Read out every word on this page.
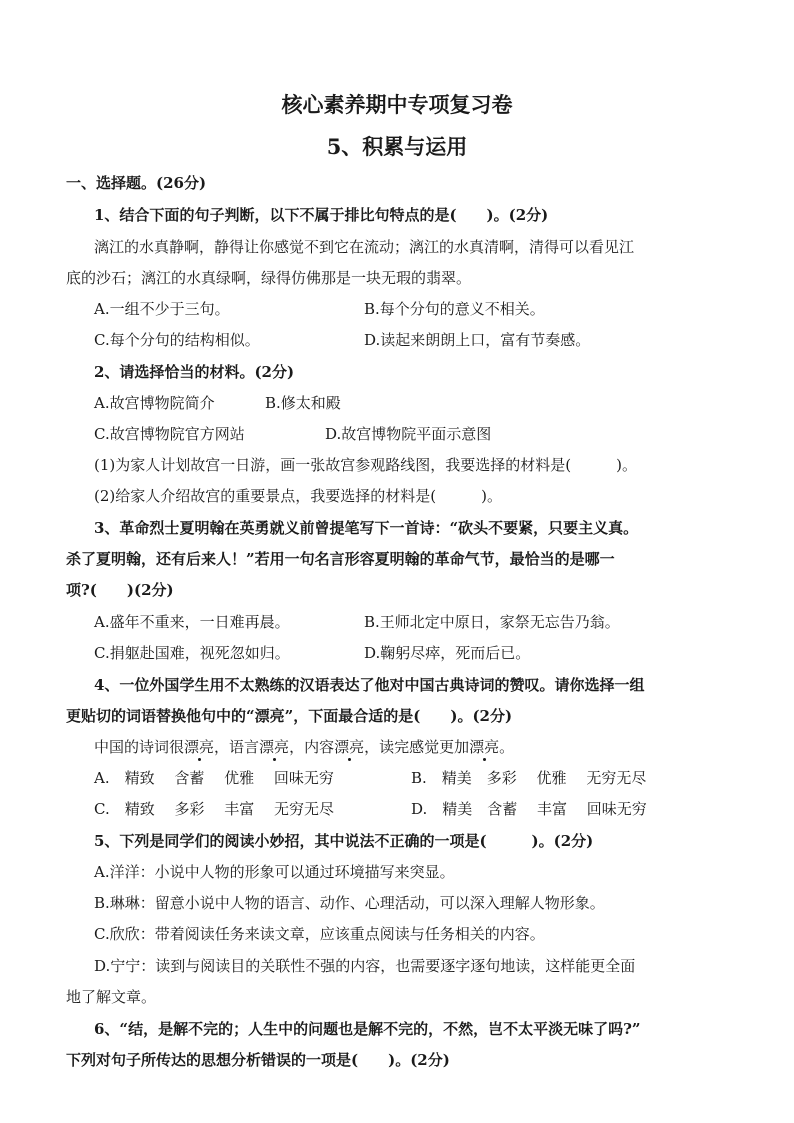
核心素养期中专项复习卷
5、积累与运用
一、选择题。(26分)
1、结合下面的句子判断，以下不属于排比句特点的是(　　)。(2分)
漓江的水真静啊，静得让你感觉不到它在流动；漓江的水真清啊，清得可以看见江
底的沙石；漓江的水真绿啊，绿得仿佛那是一块无瑕的翡翠。
A.一组不少于三句。	B.每个分句的意义不相关。
C.每个分句的结构相似。	D.读起来朗朗上口，富有节奏感。
2、请选择恰当的材料。(2分)
A.故宫博物院简介	B.修太和殿
C.故宫博物院官方网站	D.故宫博物院平面示意图
(1)为家人计划故宫一日游，画一张故宫参观路线图，我要选择的材料是(　　　)。
(2)给家人介绍故宫的重要景点，我要选择的材料是(　　　)。
3、革命烈士夏明翰在英勇就义前曾提笔写下一首诗：“砍头不要紧，只要主义真。
杀了夏明翰，还有后来人！”若用一句名言形容夏明翰的革命气节，最恰当的是哪一
项?(　　)(2分)
A.盛年不重来，一日难再晨。	B.王师北定中原日，家祭无忘告乃翁。
C.捐躯赴国难，视死忽如归。	D.鞠躬尽瘁，死而后已。
4、一位外国学生用不太熟练的汉语表达了他对中国古典诗词的赞叹。请你选择一组
更贴切的词语替换他句中的“漂亮”，下面最合适的是(　　)。(2分)
中国的诗词很漂亮，语言漂亮，内容漂亮，读完感觉更加漂亮。
A.　精致　 含蓄　 优雅　 回味无穷	B.　精美　多彩　 优雅　 无穷无尽
C.　精致　 多彩　 丰富　 无穷无尽	D.　精美　含蓄　 丰富　 回味无穷
5、下列是同学们的阅读小妙招，其中说法不正确的一项是(　　　)。(2分)
A.洋洋：小说中人物的形象可以通过环境描写来突显。
B.琳琳：留意小说中人物的语言、动作、心理活动，可以深入理解人物形象。
C.欣欣：带着阅读任务来读文章，应该重点阅读与任务相关的内容。
D.宁宁：读到与阅读目的关联性不强的内容，也需要逐字逐句地读，这样能更全面
地了解文章。
6、“结，是解不完的；人生中的问题也是解不完的，不然，岂不太平淡无味了吗?”
下列对句子所传达的思想分析错误的一项是(　　)。(2分)
